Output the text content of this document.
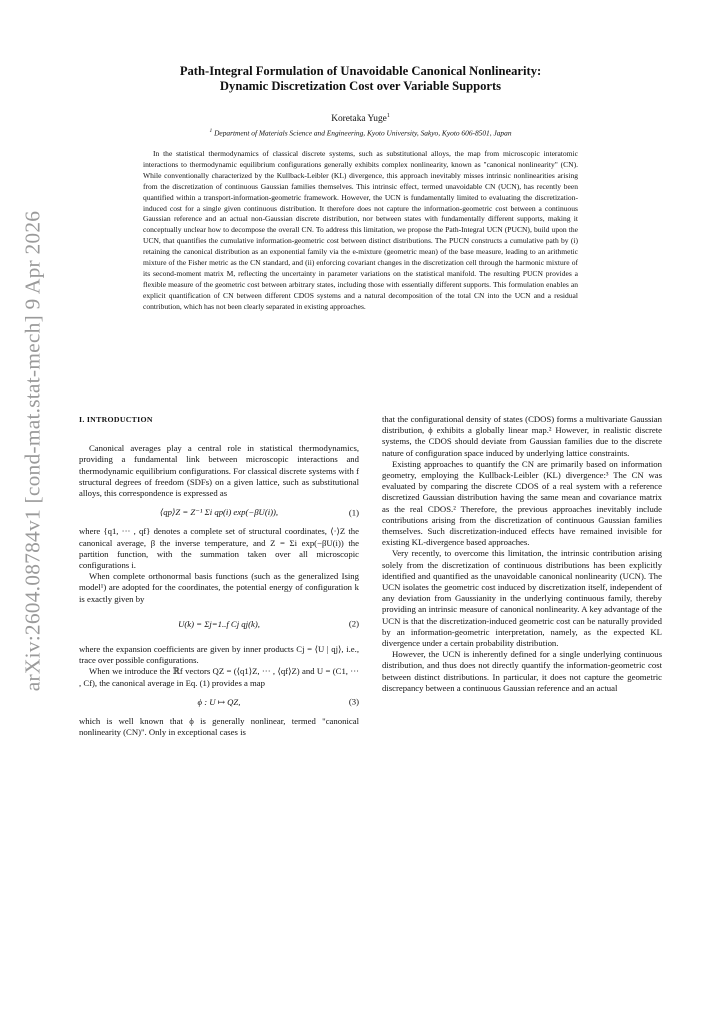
arXiv:2604.08784v1 [cond-mat.stat-mech] 9 Apr 2026
Path-Integral Formulation of Unavoidable Canonical Nonlinearity:
Dynamic Discretization Cost over Variable Supports
Koretaka Yuge$^1$
$^1$ Department of Materials Science and Engineering, Kyoto University, Sakyo, Kyoto 606-8501, Japan

In the statistical thermodynamics of classical discrete systems, such as substitutional alloys, the map from microscopic interatomic interactions to thermodynamic equilibrium configurations generally exhibits complex nonlinearity, known as "canonical nonlinearity" (CN). While conventionally characterized by the Kullback-Leibler (KL) divergence, this approach inevitably misses intrinsic nonlinearities arising from the discretization of continuous Gaussian families themselves. This intrinsic effect, termed unavoidable CN (UCN), has recently been quantified within a transport-information-geometric framework. However, the UCN is fundamentally limited to evaluating the discretization-induced cost for a single given continuous distribution. It therefore does not capture the information-geometric cost between a continuous Gaussian reference and an actual non-Gaussian discrete distribution, nor between states with fundamentally different supports, making it conceptually unclear how to decompose the overall CN. To address this limitation, we propose the Path-Integral UCN (PUCN), build upon the UCN, that quantifies the cumulative information-geometric cost between distinct distributions. The PUCN constructs a cumulative path by (i) retaining the canonical distribution as an exponential family via the e-mixture (geometric mean) of the base measure, leading to an arithmetic mixture of the Fisher metric as the CN standard, and (ii) enforcing covariant changes in the discretization cell through the harmonic mixture of its second-moment matrix M, reflecting the uncertainty in parameter variations on the statistical manifold. The resulting PUCN provides a flexible measure of the geometric cost between arbitrary states, including those with essentially different supports. This formulation enables an explicit quantification of CN between different CDOS systems and a natural decomposition of the total CN into the UCN and a residual contribution, which has not been clearly separated in existing approaches.

I. INTRODUCTION

Canonical averages play a central role in statistical thermodynamics, providing a fundamental link between microscopic interactions and thermodynamic equilibrium configurations. For classical discrete systems with f structural degrees of freedom (SDFs) on a given lattice, such as substitutional alloys, this correspondence is expressed as

⟨qp⟩Z = Z⁻¹ Σi qp(i) exp(−βU(i)),	(1)

where {q1, ··· , qf} denotes a complete set of structural coordinates, ⟨·⟩Z the canonical average, β the inverse temperature, and Z = Σi exp(−βU(i)) the partition function, with the summation taken over all microscopic configurations i.

When complete orthonormal basis functions (such as the generalized Ising model¹) are adopted for the coordinates, the potential energy of configuration k is exactly given by

U(k) = Σj=1..f Cj qj(k),	(2)

where the expansion coefficients are given by inner products Cj = ⟨U | qj⟩, i.e., trace over possible configurations.

When we introduce the ℝf vectors QZ = (⟨q1⟩Z, ··· , ⟨qf⟩Z) and U = (C1, ··· , Cf), the canonical average in Eq. (1) provides a map

ϕ : U ↦ QZ,	(3)

which is well known that ϕ is generally nonlinear, termed "canonical nonlinearity (CN)". Only in exceptional cases is

that the configurational density of states (CDOS) forms a multivariate Gaussian distribution, ϕ exhibits a globally linear map.² However, in realistic discrete systems, the CDOS should deviate from Gaussian families due to the discrete nature of configuration space induced by underlying lattice constraints.

Existing approaches to quantify the CN are primarily based on information geometry, employing the Kullback-Leibler (KL) divergence:³ The CN was evaluated by comparing the discrete CDOS of a real system with a reference discretized Gaussian distribution having the same mean and covariance matrix as the real CDOS.² Therefore, the previous approaches inevitably include contributions arising from the discretization of continuous Gaussian families themselves. Such discretization-induced effects have remained invisible for existing KL-divergence based approaches.

Very recently, to overcome this limitation, the intrinsic contribution arising solely from the discretization of continuous distributions has been explicitly identified and quantified as the unavoidable canonical nonlinearity (UCN). The UCN isolates the geometric cost induced by discretization itself, independent of any deviation from Gaussianity in the underlying continuous family, thereby providing an intrinsic measure of canonical nonlinearity. A key advantage of the UCN is that the discretization-induced geometric cost can be naturally provided by an information-geometric interpretation, namely, as the expected KL divergence under a certain probability distribution.

However, the UCN is inherently defined for a single underlying continuous distribution, and thus does not directly quantify the information-geometric cost between distinct distributions. In particular, it does not capture the geometric discrepancy between a continuous Gaussian reference and an actual
